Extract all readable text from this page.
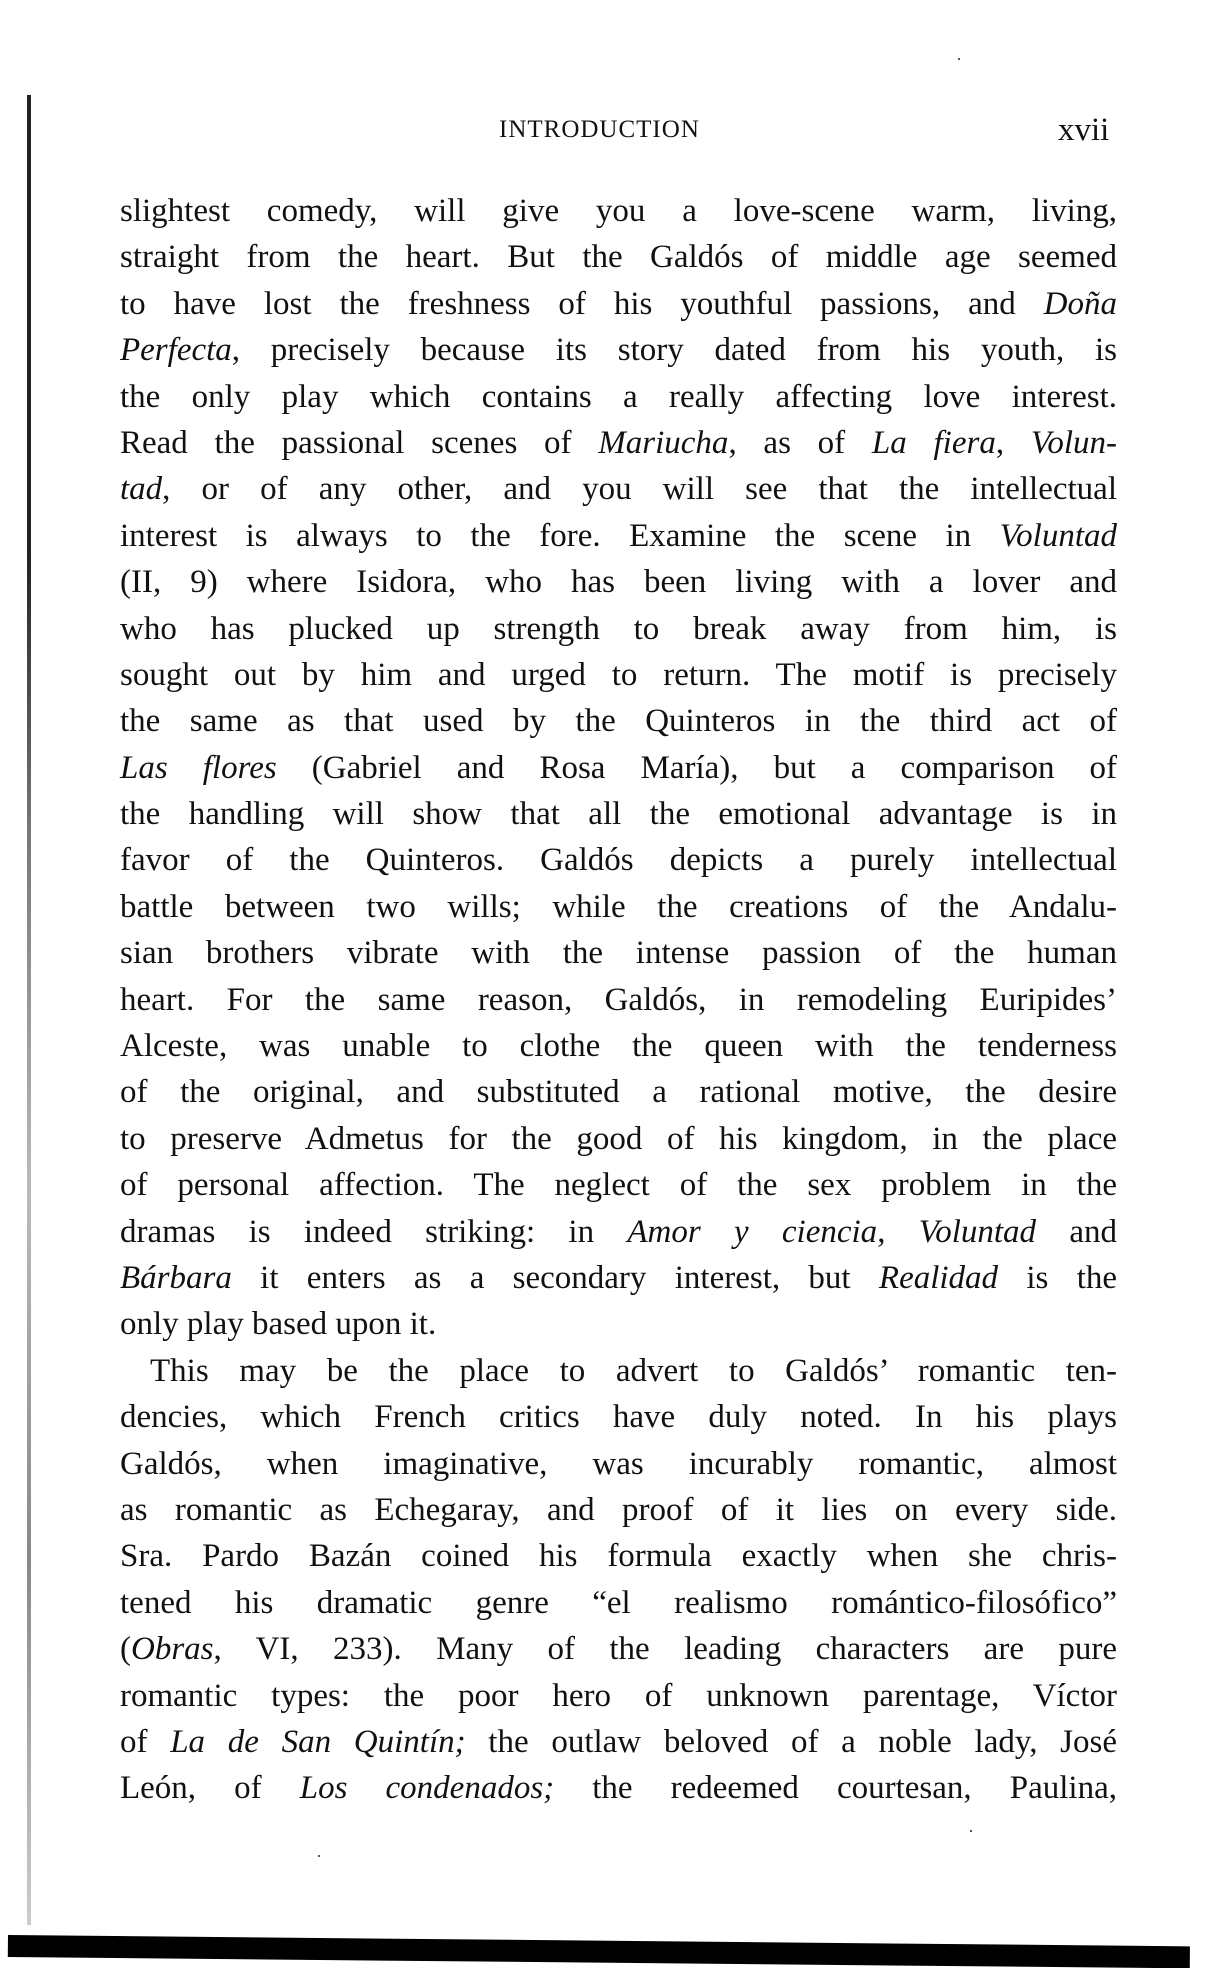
INTRODUCTION	xvii
slightest comedy, will give you a love-scene warm, living,
straight from the heart. But the Galdós of middle age seemed
to have lost the freshness of his youthful passions, and Doña
Perfecta, precisely because its story dated from his youth, is
the only play which contains a really affecting love interest.
Read the passional scenes of Mariucha, as of La fiera, Volun-
tad, or of any other, and you will see that the intellectual
interest is always to the fore. Examine the scene in Voluntad
(II, 9) where Isidora, who has been living with a lover and
who has plucked up strength to break away from him, is
sought out by him and urged to return. The motif is precisely
the same as that used by the Quinteros in the third act of
Las flores (Gabriel and Rosa María), but a comparison of
the handling will show that all the emotional advantage is in
favor of the Quinteros. Galdós depicts a purely intellectual
battle between two wills; while the creations of the Andalu-
sian brothers vibrate with the intense passion of the human
heart. For the same reason, Galdós, in remodeling Euripides’
Alceste, was unable to clothe the queen with the tenderness
of the original, and substituted a rational motive, the desire
to preserve Admetus for the good of his kingdom, in the place
of personal affection. The neglect of the sex problem in the
dramas is indeed striking: in Amor y ciencia, Voluntad and
Bárbara it enters as a secondary interest, but Realidad is the
only play based upon it.
This may be the place to advert to Galdós’ romantic ten-
dencies, which French critics have duly noted. In his plays
Galdós, when imaginative, was incurably romantic, almost
as romantic as Echegaray, and proof of it lies on every side.
Sra. Pardo Bazán coined his formula exactly when she chris-
tened his dramatic genre “el realismo romántico-filosófico”
(Obras, VI, 233). Many of the leading characters are pure
romantic types: the poor hero of unknown parentage, Víctor
of La de San Quintín; the outlaw beloved of a noble lady, José
León, of Los condenados; the redeemed courtesan, Paulina,
